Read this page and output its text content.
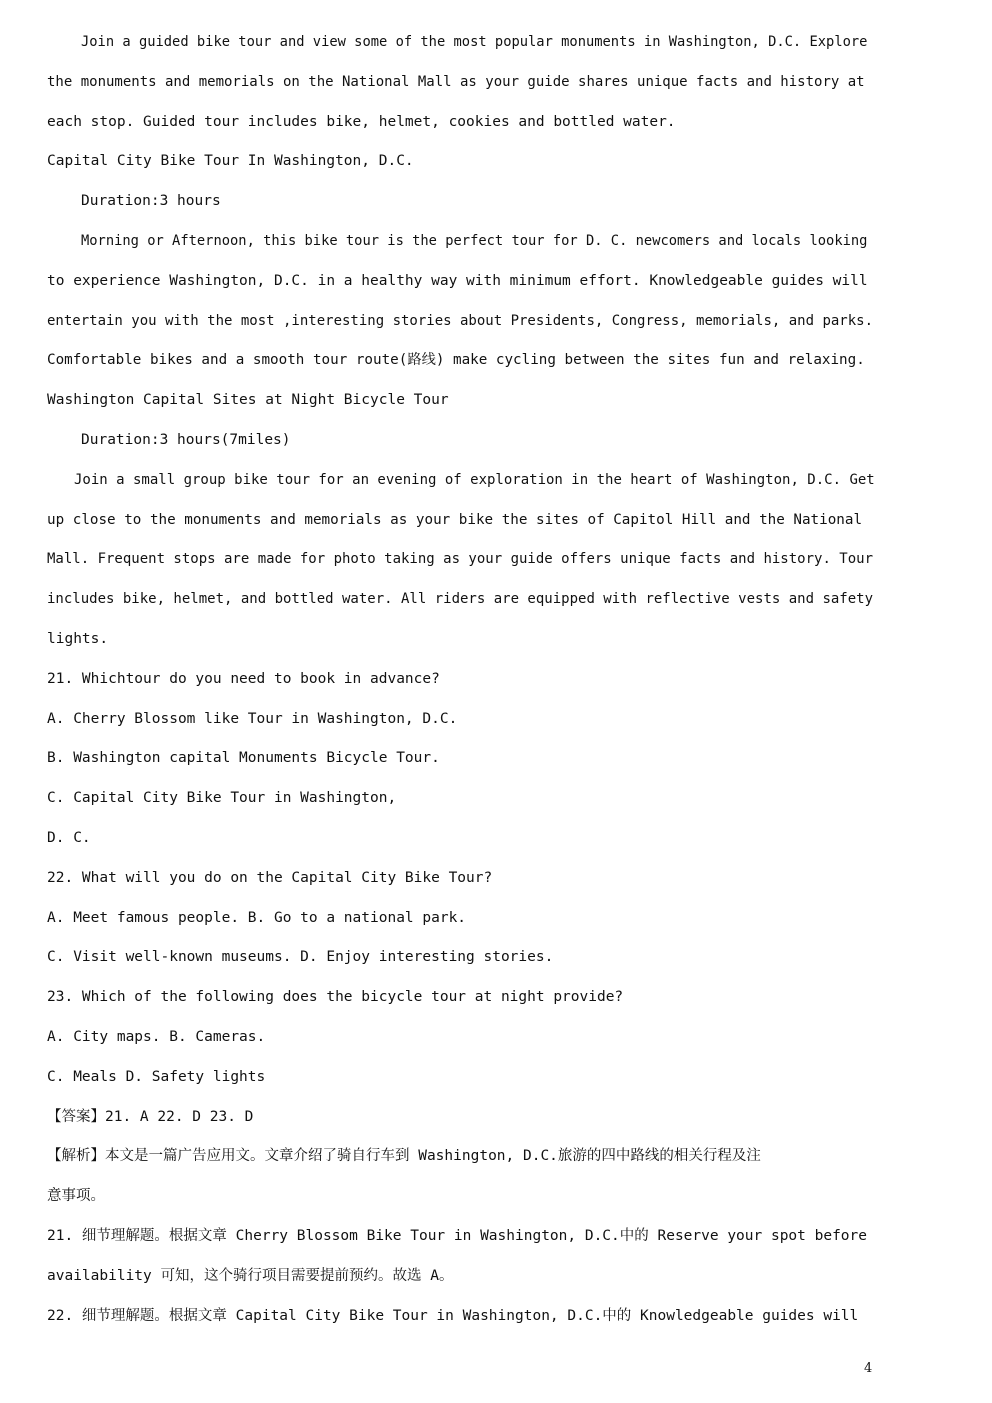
Join a guided bike tour and view some of the most popular monuments in Washington, D.C. Explore
the monuments and memorials on the National Mall as your guide shares unique facts and history at
each stop. Guided tour includes bike, helmet, cookies and bottled water.
Capital City Bike Tour In Washington, D.C.
Duration:3 hours
Morning or Afternoon, this bike tour is the perfect tour for D. C. newcomers and locals looking
to experience Washington, D.C. in a healthy way with minimum effort. Knowledgeable guides will
entertain you with the most ,interesting stories about Presidents, Congress, memorials, and parks.
Comfortable bikes and a smooth tour route(路线) make cycling between the sites fun and relaxing.
Washington Capital Sites at Night Bicycle Tour
Duration:3 hours(7miles)
Join a small group bike tour for an evening of exploration in the heart of Washington, D.C. Get
up close to the monuments and memorials as your bike the sites of Capitol Hill and the National
Mall. Frequent stops are made for photo taking as your guide offers unique facts and history. Tour
includes bike, helmet, and bottled water. All riders are equipped with reflective vests and safety
lights.
21. Whichtour do you need to book in advance?
A. Cherry Blossom like Tour in Washington, D.C.
B. Washington capital Monuments Bicycle Tour.
C. Capital City Bike Tour in Washington,
D. C.
22. What will you do on the Capital City Bike Tour?
A. Meet famous people. B. Go to a national park.
C. Visit well-known museums. D. Enjoy interesting stories.
23. Which of the following does the bicycle tour at night provide?
A. City maps. B. Cameras.
C. Meals D. Safety lights
【答案】21. A 22. D 23. D
【解析】本文是一篇广告应用文。文章介绍了骑自行车到 Washington, D.C.旅游的四中路线的相关行程及注
意事项。
21. 细节理解题。根据文章 Cherry Blossom Bike Tour in Washington, D.C.中的 Reserve your spot before
availability 可知，这个骑行项目需要提前预约。故选 A。
22. 细节理解题。根据文章 Capital City Bike Tour in Washington, D.C.中的 Knowledgeable guides will
4
